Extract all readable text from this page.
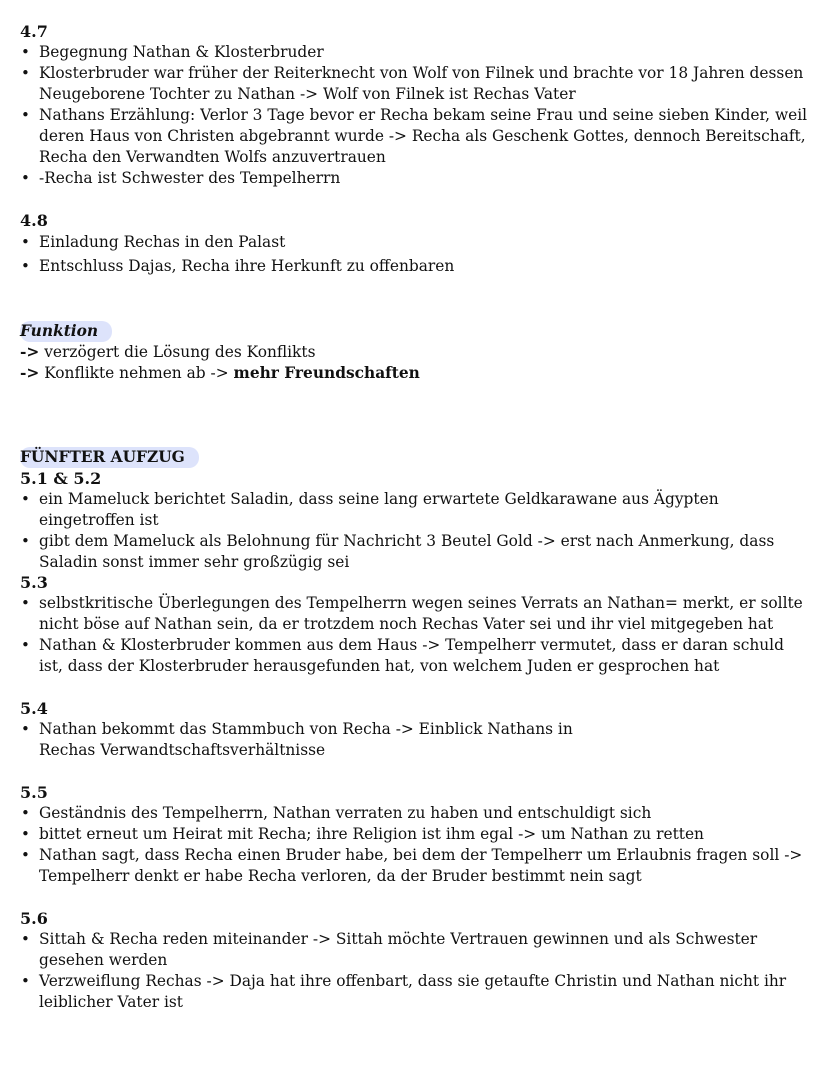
4.7
• Begegnung Nathan & Klosterbruder
• Klosterbruder war früher der Reiterknecht von Wolf von Filnek und brachte vor 18 Jahren dessen Neugeborene Tochter zu Nathan -> Wolf von Filnek ist Rechas Vater
• Nathans Erzählung: Verlor 3 Tage bevor er Recha bekam seine Frau und seine sieben Kinder, weil deren Haus von Christen abgebrannt wurde -> Recha als Geschenk Gottes, dennoch Bereitschaft, Recha den Verwandten Wolfs anzuvertrauen
• -Recha ist Schwester des Tempelherrn
4.8
• Einladung Rechas in den Palast
• Entschluss Dajas, Recha ihre Herkunft zu offenbaren
Funktion
-> verzögert die Lösung des Konflikts
-> Konflikte nehmen ab -> mehr Freundschaften
FÜNFTER AUFZUG
5.1 & 5.2
• ein Mameluck berichtet Saladin, dass seine lang erwartete Geldkarawane aus Ägypten eingetroffen ist
• gibt dem Mameluck als Belohnung für Nachricht 3 Beutel Gold -> erst nach Anmerkung, dass Saladin sonst immer sehr großzügig sei
5.3
• selbstkritische Überlegungen des Tempelherrn wegen seines Verrats an Nathan= merkt, er sollte nicht böse auf Nathan sein, da er trotzdem noch Rechas Vater sei und ihr viel mitgegeben hat
• Nathan & Klosterbruder kommen aus dem Haus -> Tempelherr vermutet, dass er daran schuld ist, dass der Klosterbruder herausgefunden hat, von welchem Juden er gesprochen hat
5.4
• Nathan bekommt das Stammbuch von Recha -> Einblick Nathans in Rechas Verwandtschaftsverhältnisse
5.5
• Geständnis des Tempelherrn, Nathan verraten zu haben und entschuldigt sich
• bittet erneut um Heirat mit Recha; ihre Religion ist ihm egal -> um Nathan zu retten
• Nathan sagt, dass Recha einen Bruder habe, bei dem der Tempelherr um Erlaubnis fragen soll -> Tempelherr denkt er habe Recha verloren, da der Bruder bestimmt nein sagt
5.6
• Sittah & Recha reden miteinander -> Sittah möchte Vertrauen gewinnen und als Schwester gesehen werden
• Verzweiflung Rechas -> Daja hat ihre offenbart, dass sie getaufte Christin und Nathan nicht ihr leiblicher Vater ist
